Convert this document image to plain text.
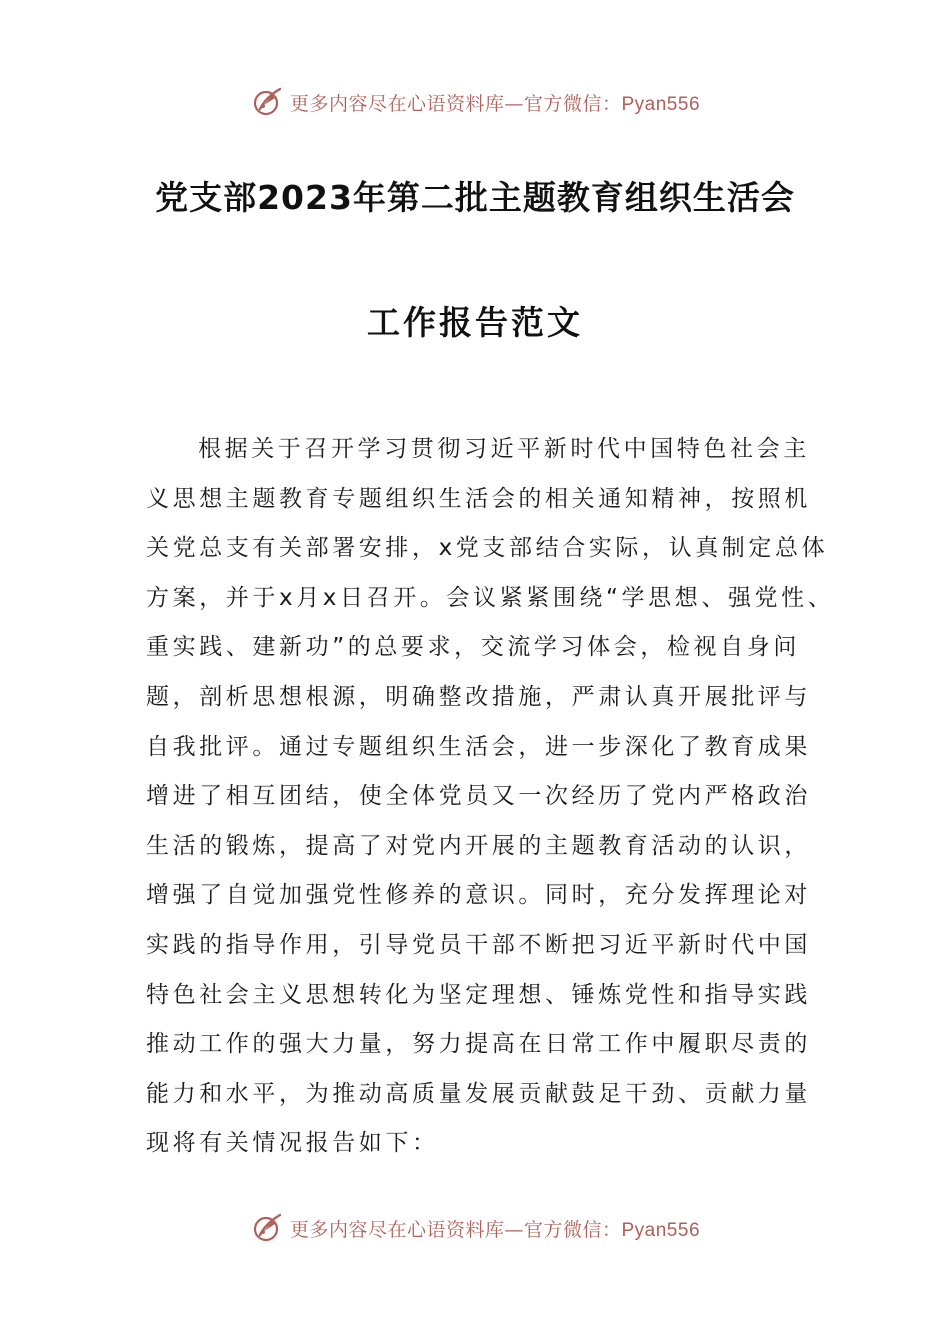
更多内容尽在心语资料库—官方微信：Pyan556
党支部2023年第二批主题教育组织生活会
工作报告范文
根据关于召开学习贯彻习近平新时代中国特色社会主
义思想主题教育专题组织生活会的相关通知精神，按照机
关党总支有关部署安排，x党支部结合实际，认真制定总体
方案，并于x月x日召开。会议紧紧围绕“学思想、强党性、
重实践、建新功”的总要求，交流学习体会，检视自身问
题，剖析思想根源，明确整改措施，严肃认真开展批评与
自我批评。通过专题组织生活会，进一步深化了教育成果
增进了相互团结，使全体党员又一次经历了党内严格政治
生活的锻炼，提高了对党内开展的主题教育活动的认识，
增强了自觉加强党性修养的意识。同时，充分发挥理论对
实践的指导作用，引导党员干部不断把习近平新时代中国
特色社会主义思想转化为坚定理想、锤炼党性和指导实践
推动工作的强大力量，努力提高在日常工作中履职尽责的
能力和水平，为推动高质量发展贡献鼓足干劲、贡献力量
现将有关情况报告如下：
更多内容尽在心语资料库—官方微信：Pyan556
